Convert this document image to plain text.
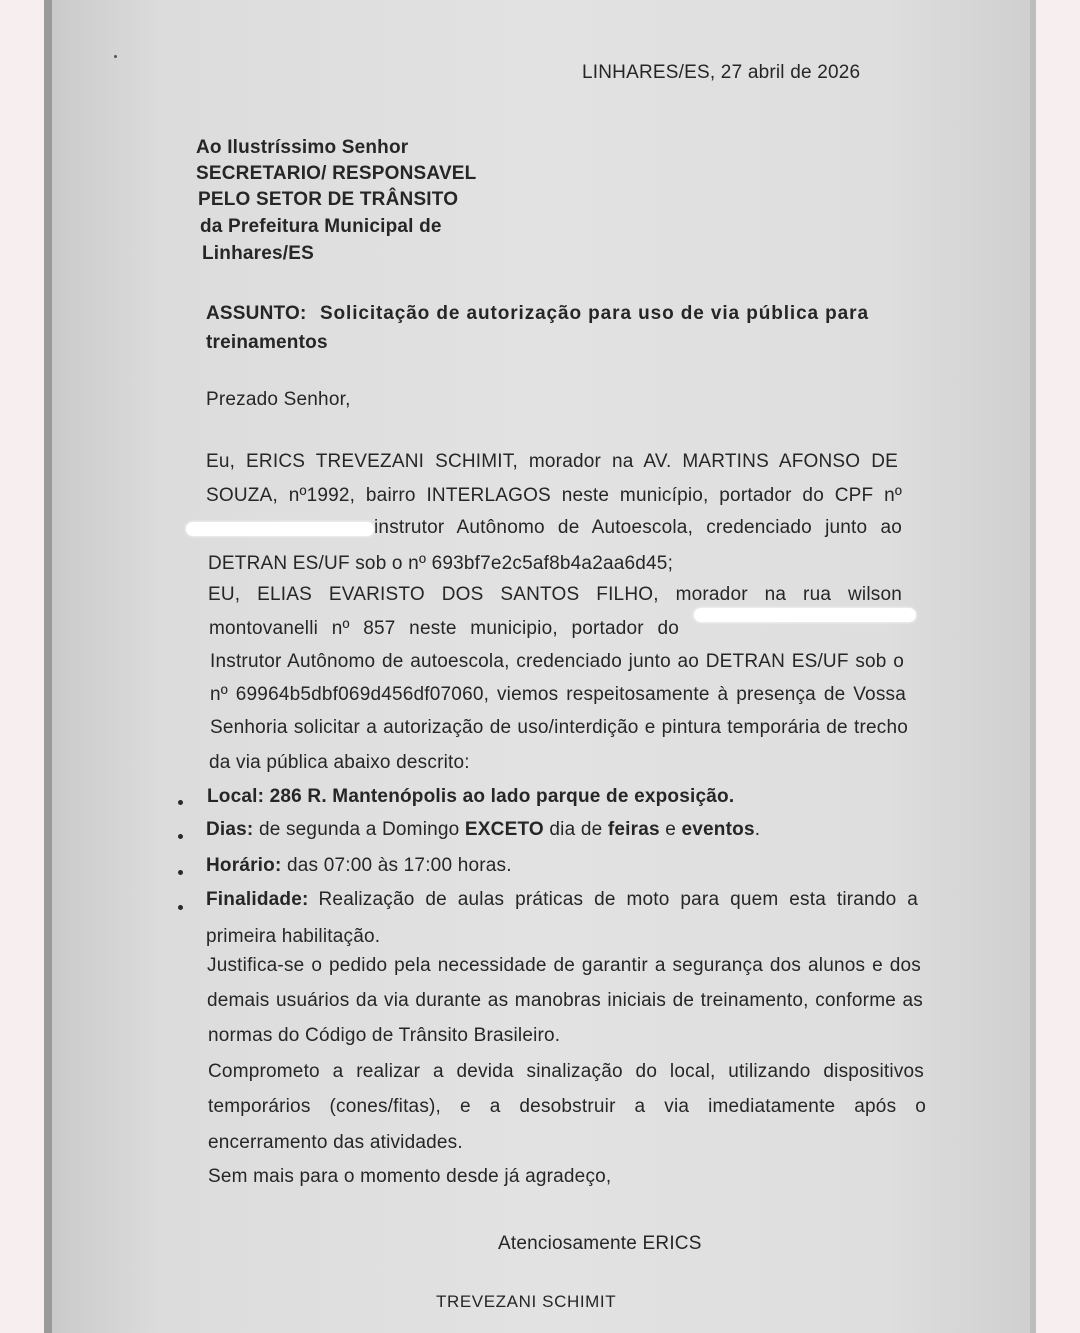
LINHARES/ES, 27 abril de 2026
Ao Ilustríssimo Senhor
SECRETARIO/ RESPONSAVEL
PELO SETOR DE TRÂNSITO
da Prefeitura Municipal de
Linhares/ES
ASSUNTO: Solicitação de autorização para uso de via pública para
treinamentos
Prezado Senhor,
Eu, ERICS TREVEZANI SCHIMIT, morador na AV. MARTINS AFONSO DE
SOUZA, nº1992, bairro INTERLAGOS neste município, portador do CPF nº
instrutor Autônomo de Autoescola, credenciado junto ao
DETRAN ES/UF sob o nº 693bf7e2c5af8b4a2aa6d45;
EU, ELIAS EVARISTO DOS SANTOS FILHO, morador na rua wilson
montovanelli nº 857 neste municipio, portador do
Instrutor Autônomo de autoescola, credenciado junto ao DETRAN ES/UF sob o
nº 69964b5dbf069d456df07060, viemos respeitosamente à presença de Vossa
Senhoria solicitar a autorização de uso/interdição e pintura temporária de trecho
da via pública abaixo descrito:
Local: 286 R. Mantenópolis ao lado parque de exposição.
Dias: de segunda a Domingo EXCETO dia de feiras e eventos.
Horário: das 07:00 às 17:00 horas.
Finalidade: Realização de aulas práticas de moto para quem esta tirando a
primeira habilitação.
Justifica-se o pedido pela necessidade de garantir a segurança dos alunos e dos
demais usuários da via durante as manobras iniciais de treinamento, conforme as
normas do Código de Trânsito Brasileiro.
Comprometo a realizar a devida sinalização do local, utilizando dispositivos
temporários (cones/fitas), e a desobstruir a via imediatamente após o
encerramento das atividades.
Sem mais para o momento desde já agradeço,
Atenciosamente ERICS
TREVEZANI SCHIMIT
